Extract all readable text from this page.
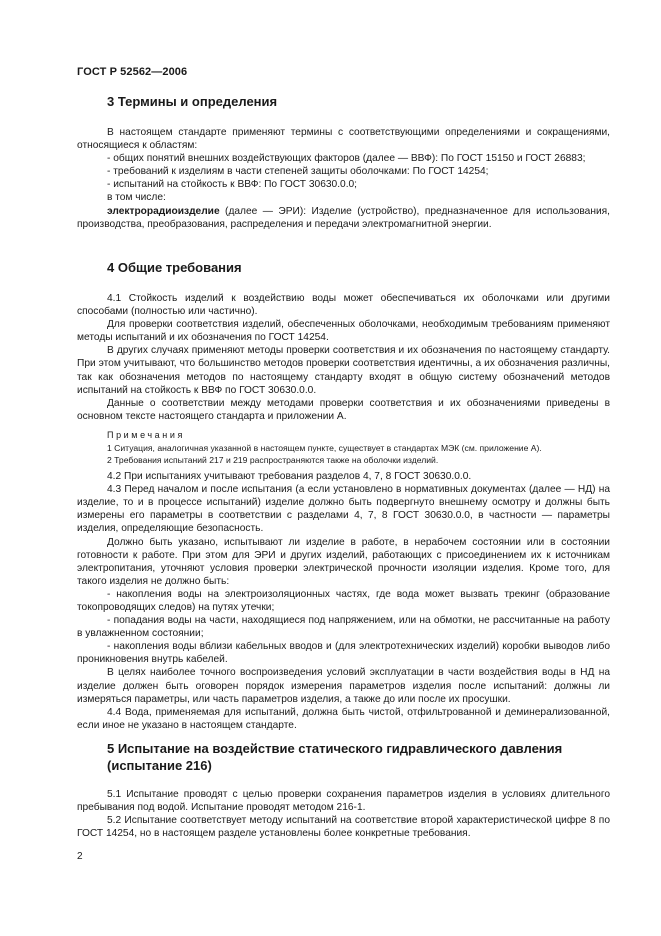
ГОСТ Р 52562—2006
3 Термины и определения

В настоящем стандарте применяют термины с соответствующими определениями и сокращениями, относящиеся к областям:

- общих понятий внешних воздействующих факторов (далее — ВВФ): По ГОСТ 15150 и ГОСТ 26883;

- требований к изделиям в части степеней защиты оболочками: По ГОСТ 14254;

- испытаний на стойкость к ВВФ: По ГОСТ 30630.0.0;

в том числе:

электрорадиоизделие (далее — ЭРИ): Изделие (устройство), предназначенное для использования, производства, преобразования, распределения и передачи электромагнитной энергии.

4 Общие требования

4.1 Стойкость изделий к воздействию воды может обеспечиваться их оболочками или другими способами (полностью или частично).

Для проверки соответствия изделий, обеспеченных оболочками, необходимым требованиям применяют методы испытаний и их обозначения по ГОСТ 14254.

В других случаях применяют методы проверки соответствия и их обозначения по настоящему стандарту. При этом учитывают, что большинство методов проверки соответствия идентичны, а их обозначения различны, так как обозначения методов по настоящему стандарту входят в общую систему обозначений методов испытаний на стойкость к ВВФ по ГОСТ 30630.0.0.

Данные о соответствии между методами проверки соответствия и их обозначениями приведены в основном тексте настоящего стандарта и приложении А.

Примечания

1 Ситуация, аналогичная указанной в настоящем пункте, существует в стандартах МЭК (см. приложение А).

2 Требования испытаний 217 и 219 распространяются также на оболочки изделий.

4.2 При испытаниях учитывают требования разделов 4, 7, 8 ГОСТ 30630.0.0.

4.3 Перед началом и после испытания (а если установлено в нормативных документах (далее — НД) на изделие, то и в процессе испытаний) изделие должно быть подвергнуто внешнему осмотру и должны быть измерены его параметры в соответствии с разделами 4, 7, 8 ГОСТ 30630.0.0, в частности — параметры изделия, определяющие безопасность.

Должно быть указано, испытывают ли изделие в работе, в нерабочем состоянии или в состоянии готовности к работе. При этом для ЭРИ и других изделий, работающих с присоединением их к источникам электропитания, уточняют условия проверки электрической прочности изоляции изделия. Кроме того, для такого изделия не должно быть:

- накопления воды на электроизоляционных частях, где вода может вызвать трекинг (образование токопроводящих следов) на путях утечки;

- попадания воды на части, находящиеся под напряжением, или на обмотки, не рассчитанные на работу в увлажненном состоянии;

- накопления воды вблизи кабельных вводов и (для электротехнических изделий) коробки выводов либо проникновения внутрь кабелей.

В целях наиболее точного воспроизведения условий эксплуатации в части воздействия воды в НД на изделие должен быть оговорен порядок измерения параметров изделия после испытаний: должны ли измеряться параметры, или часть параметров изделия, а также до или после их просушки.

4.4 Вода, применяемая для испытаний, должна быть чистой, отфильтрованной и деминерализованной, если иное не указано в настоящем стандарте.

5 Испытание на воздействие статического гидравлического давления (испытание 216)

5.1 Испытание проводят с целью проверки сохранения параметров изделия в условиях длительного пребывания под водой. Испытание проводят методом 216-1.

5.2 Испытание соответствует методу испытаний на соответствие второй характеристической цифре 8 по ГОСТ 14254, но в настоящем разделе установлены более конкретные требования.

2
